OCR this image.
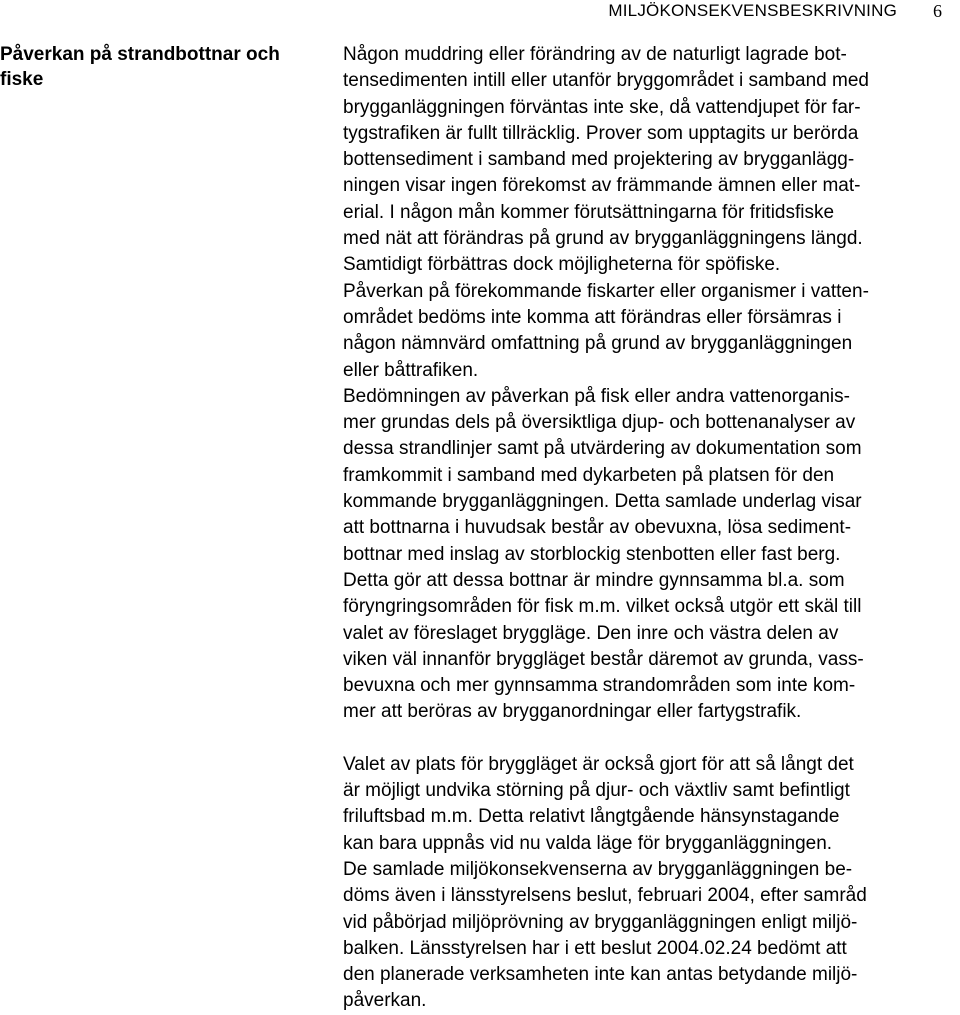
MILJÖKONSEKVENSBESKRIVNING 6
Påverkan på strandbottnar och
fiske
Någon muddring eller förändring av de naturligt lagrade bot-
tensedimenten intill eller utanför bryggområdet i samband med
brygganläggningen förväntas inte ske, då vattendjupet för far-
tygstrafiken är fullt tillräcklig. Prover som upptagits ur berörda
bottensediment i samband med projektering av brygganlägg-
ningen visar ingen förekomst av främmande ämnen eller mat-
erial. I någon mån kommer förutsättningarna för fritidsfiske
med nät att förändras på grund av brygganläggningens längd.
Samtidigt förbättras dock möjligheterna för spöfiske.
Påverkan på förekommande fiskarter eller organismer i vatten-
området bedöms inte komma att förändras eller försämras i
någon nämnvärd omfattning på grund av brygganläggningen
eller båttrafiken.
Bedömningen av påverkan på fisk eller andra vattenorganis-
mer grundas dels på översiktliga djup- och bottenanalyser av
dessa strandlinjer samt på utvärdering av dokumentation som
framkommit i samband med dykarbeten på platsen för den
kommande brygganläggningen. Detta samlade underlag visar
att bottnarna i huvudsak består av obevuxna, lösa sediment-
bottnar med inslag av storblockig stenbotten eller fast berg.
Detta gör att dessa bottnar är mindre gynnsamma bl.a. som
föryngringsområden för fisk m.m. vilket också utgör ett skäl till
valet av föreslaget bryggläge. Den inre och västra delen av
viken väl innanför bryggläget består däremot av grunda, vass-
bevuxna och mer gynnsamma strandområden som inte kom-
mer att beröras av brygganordningar eller fartygstrafik.
Valet av plats för bryggläget är också gjort för att så långt det
är möjligt undvika störning på djur- och växtliv samt befintligt
friluftsbad m.m. Detta relativt långtgående hänsynstagande
kan bara uppnås vid nu valda läge för brygganläggningen.
De samlade miljökonsekvenserna av brygganläggningen be-
döms även i länsstyrelsens beslut, februari 2004, efter samråd
vid påbörjad miljöprövning av brygganläggningen enligt miljö-
balken. Länsstyrelsen har i ett beslut 2004.02.24 bedömt att
den planerade verksamheten inte kan antas betydande miljö-
påverkan.
